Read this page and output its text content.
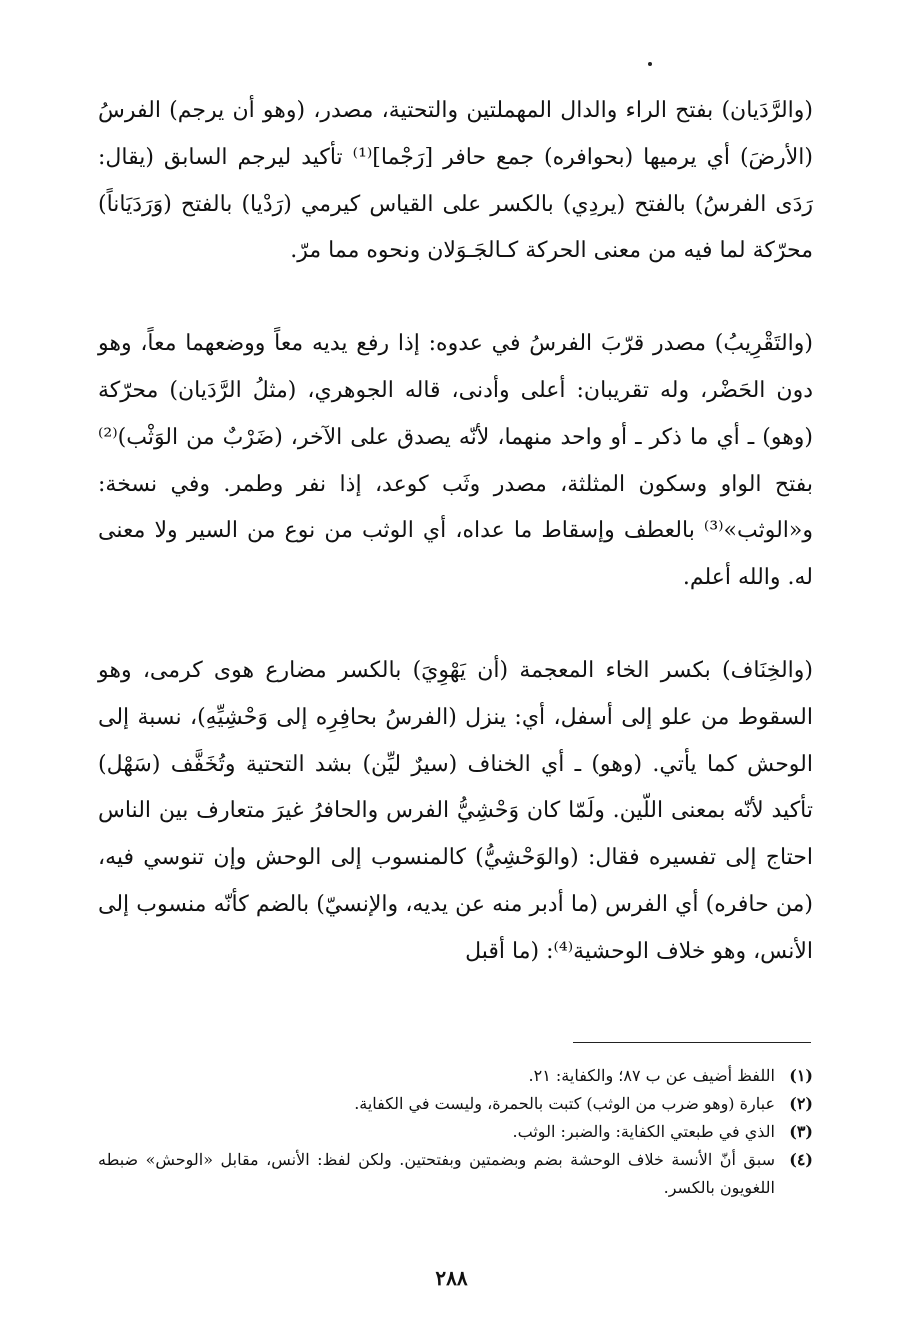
(والرَّدَيان) بفتح الراء والدال المهملتين والتحتية، مصدر، (وهو أن يرجم) الفرسُ (الأرضَ) أي يرميها (بحوافره) جمع حافر [رَجْما]⁽¹⁾ تأكيد ليرجم السابق (يقال: رَدَى الفرسُ) بالفتح (يردِي) بالكسر على القياس كيرمي (رَدْيا) بالفتح (وَرَدَيَاناً) محرّكة لما فيه من معنى الحركة كـالجَـوَلان ونحوه مما مرّ.

(والتَقْرِيبُ) مصدر قرّبَ الفرسُ في عدوه: إذا رفع يديه معاً ووضعهما معاً، وهو دون الحَضْر، وله تقريبان: أعلى وأدنى، قاله الجوهري، (مثلُ الرَّدَيان) محرّكة (وهو) ـ أي ما ذكر ـ أو واحد منهما، لأنّه يصدق على الآخر، (ضَرْبٌ من الوَثْب)⁽²⁾ بفتح الواو وسكون المثلثة، مصدر وثَب كوعد، إذا نفر وطمر. وفي نسخة: و«الوثب»⁽³⁾ بالعطف وإسقاط ما عداه، أي الوثب من نوع من السير ولا معنى له. والله أعلم.

(والخِنَاف) بكسر الخاء المعجمة (أن يَهْوِيَ) بالكسر مضارع هوى كرمى، وهو السقوط من علو إلى أسفل، أي: ينزل (الفرسُ بحافِرِه إلى وَحْشِيِّهِ)، نسبة إلى الوحش كما يأتي. (وهو) ـ أي الخناف (سيرٌ ليِّن) بشد التحتية وتُخَفَّف (سَهْل) تأكيد لأنّه بمعنى اللّين. ولَمّا كان وَحْشِيُّ الفرس والحافرُ غيرَ متعارف بين الناس احتاج إلى تفسيره فقال: (والوَحْشِيُّ) كالمنسوب إلى الوحش وإن تنوسي فيه، (من حافره) أي الفرس (ما أدبر منه عن يديه، والإنسيّ) بالضم كأنّه منسوب إلى الأنس، وهو خلاف الوحشية⁽⁴⁾: (ما أقبل

(١)
اللفظ أضيف عن ب ٨٧؛ والكفاية: ٢١.
(٢)
عبارة (وهو ضرب من الوثب) كتبت بالحمرة، وليست في الكفاية.
(٣)
الذي في طبعتي الكفاية: والضبر: الوثب.
(٤)
سبق أنّ الأنسة خلاف الوحشة بضم وبضمتين وبفتحتين. ولكن لفظ: الأنس، مقابل «الوحش» ضبطه اللغويون بالكسر.
٢٨٨
